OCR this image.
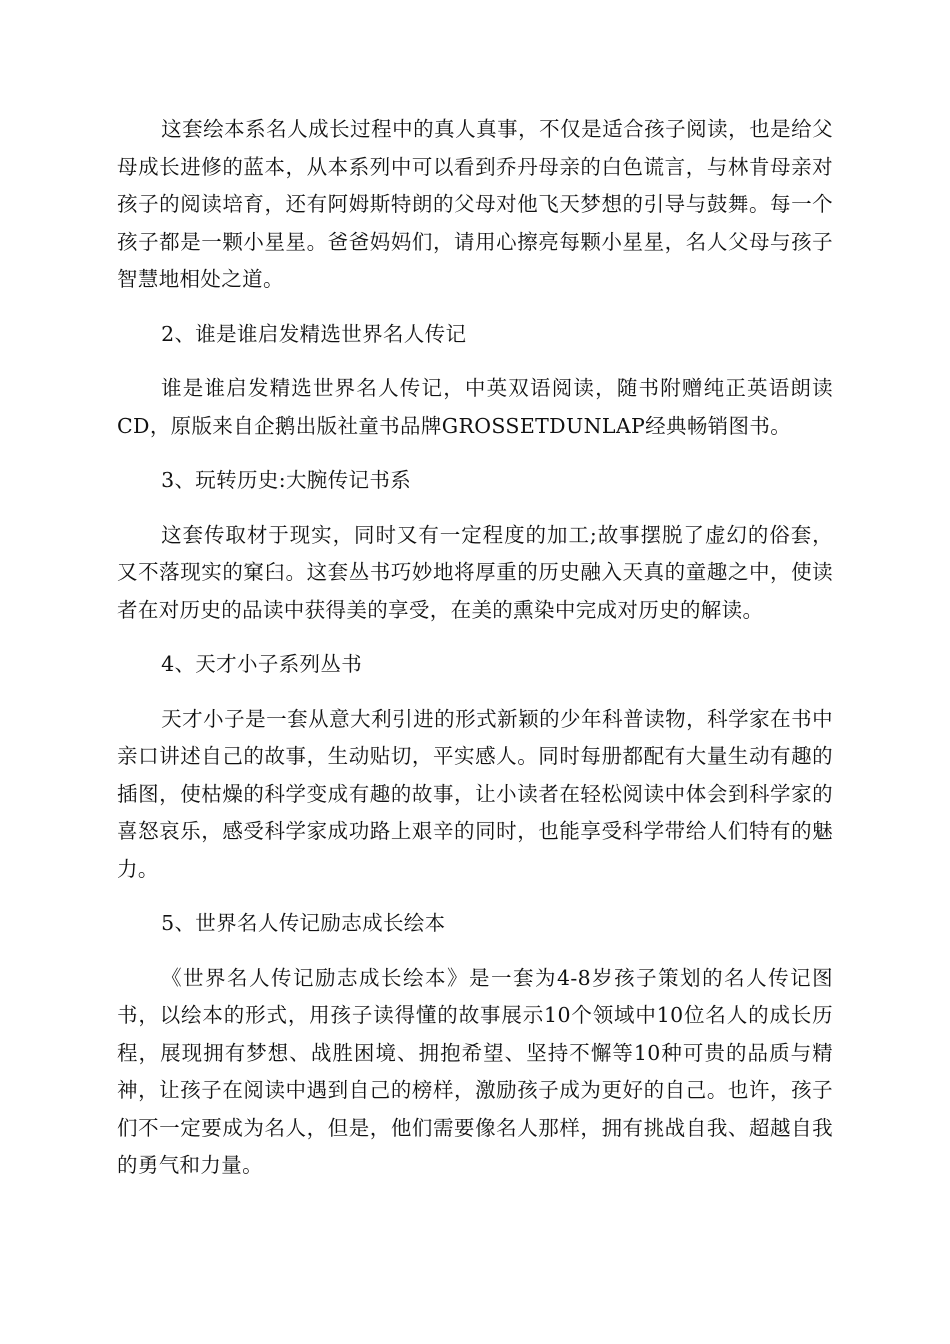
这套绘本系名人成长过程中的真人真事，不仅是适合孩子阅读，也是给父母成长进修的蓝本，从本系列中可以看到乔丹母亲的白色谎言，与林肯母亲对孩子的阅读培育，还有阿姆斯特朗的父母对他飞天梦想的引导与鼓舞。每一个孩子都是一颗小星星。爸爸妈妈们，请用心擦亮每颗小星星，名人父母与孩子智慧地相处之道。

2、谁是谁启发精选世界名人传记

谁是谁启发精选世界名人传记，中英双语阅读，随书附赠纯正英语朗读CD，原版来自企鹅出版社童书品牌GROSSETDUNLAP经典畅销图书。

3、玩转历史:大腕传记书系

这套传取材于现实，同时又有一定程度的加工;故事摆脱了虚幻的俗套，又不落现实的窠臼。这套丛书巧妙地将厚重的历史融入天真的童趣之中，使读者在对历史的品读中获得美的享受，在美的熏染中完成对历史的解读。

4、天才小子系列丛书

天才小子是一套从意大利引进的形式新颖的少年科普读物，科学家在书中亲口讲述自己的故事，生动贴切，平实感人。同时每册都配有大量生动有趣的插图，使枯燥的科学变成有趣的故事，让小读者在轻松阅读中体会到科学家的喜怒哀乐，感受科学家成功路上艰辛的同时，也能享受科学带给人们特有的魅力。

5、世界名人传记励志成长绘本

《世界名人传记励志成长绘本》是一套为4-8岁孩子策划的名人传记图书，以绘本的形式，用孩子读得懂的故事展示10个领域中10位名人的成长历程，展现拥有梦想、战胜困境、拥抱希望、坚持不懈等10种可贵的品质与精神，让孩子在阅读中遇到自己的榜样，激励孩子成为更好的自己。也许，孩子们不一定要成为名人，但是，他们需要像名人那样，拥有挑战自我、超越自我的勇气和力量。
